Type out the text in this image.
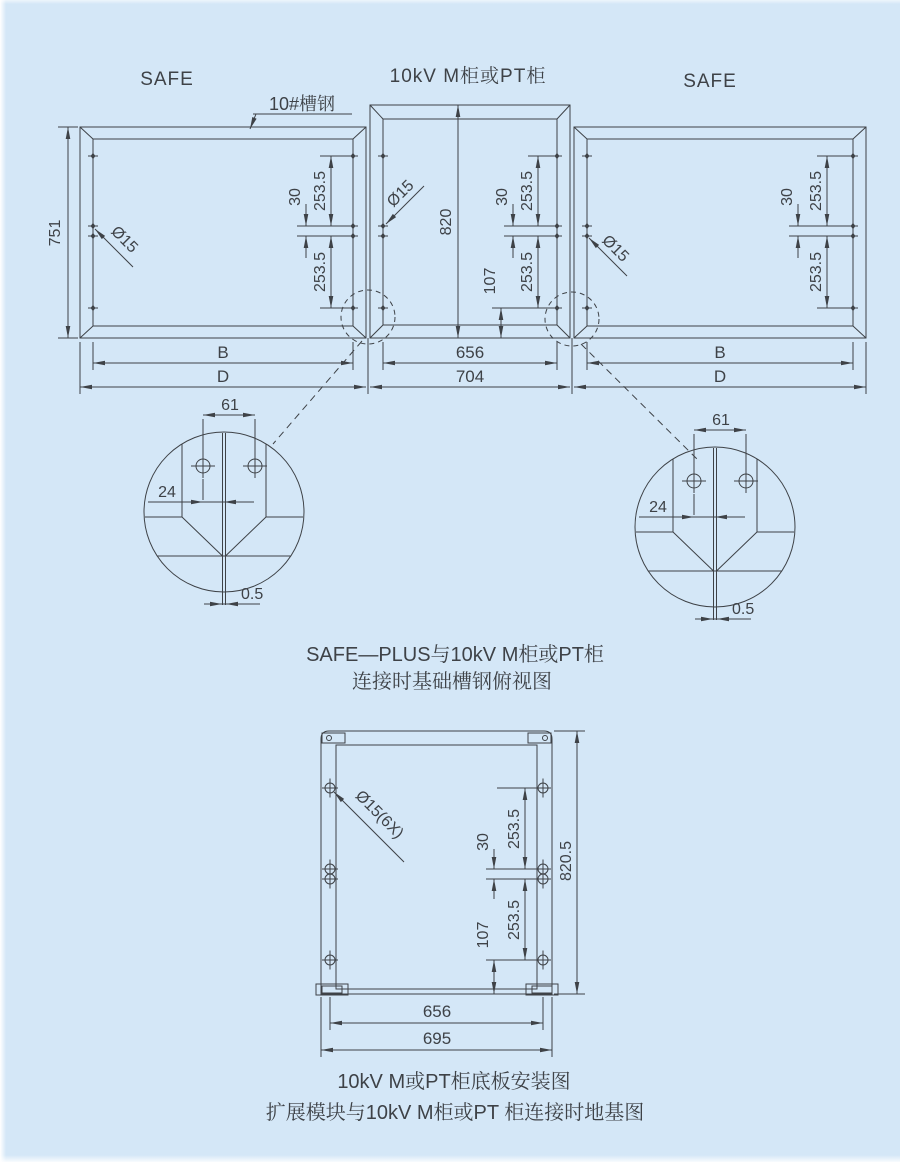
SAFE	10kV M柜或PT柜	SAFE
10#槽钢
751	820
253.5
30
253.5
253.5
30
253.5
107
253.5
30
253.5
Ø15
Ø15
Ø15
B
D
656
704
B
D
61
24
0.5
61
24
0.5
SAFE—PLUS与10kV M柜或PT柜
连接时基础槽钢俯视图
Ø15(6X)	253.5
30
253.5
107
820.5
656
695
10kV M或PT柜底板安装图
扩展模块与10kV M柜或PT 柜连接时地基图
